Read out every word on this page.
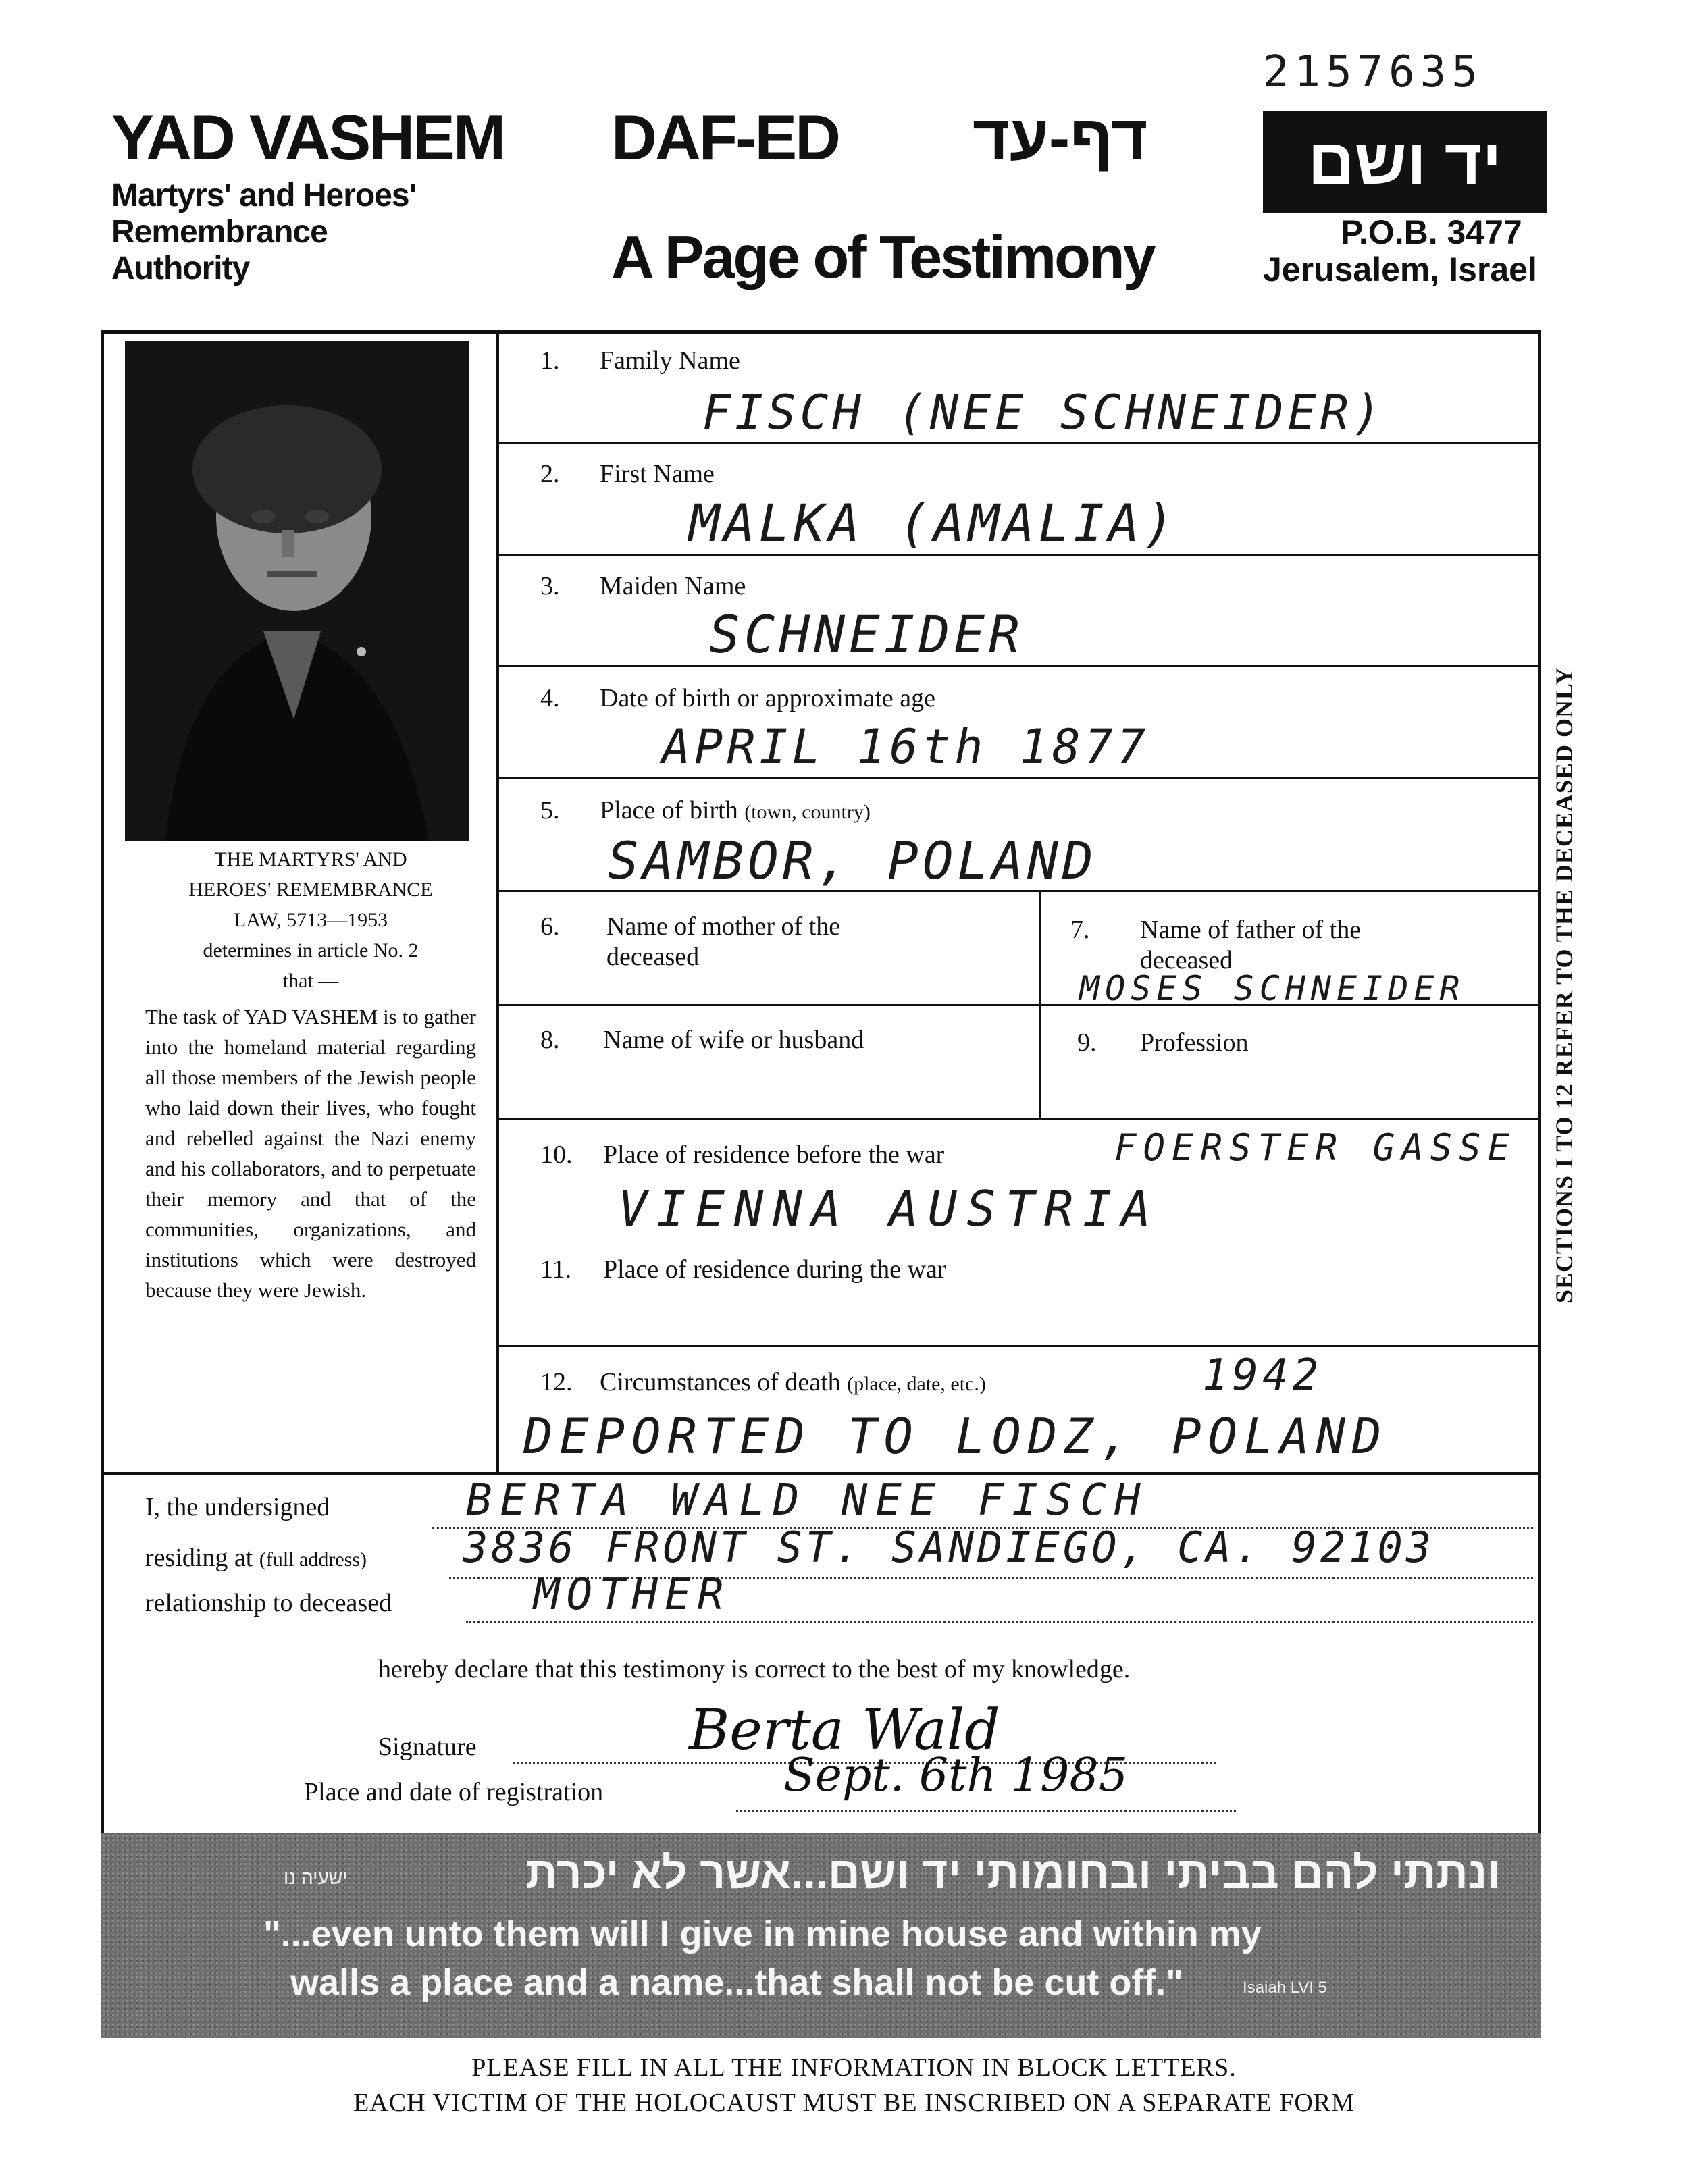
2157635
YAD VASHEM
Martyrs' and Heroes'
Remembrance
Authority
DAF-ED דף-עד
A Page of Testimony
יד ושם
P.O.B. 3477
Jerusalem, Israel
THE MARTYRS' AND
HEROES' REMEMBRANCE
LAW, 5713—1953
determines in article No. 2
that —
The task of YAD VASHEM is to gather into the homeland material regarding all those members of the Jewish people who laid down their lives, who fought and rebelled against the Nazi enemy and his collaborators, and to perpetuate their memory and that of the communities, organizations, and institutions which were destroyed because they were Jewish.
1. Family Name
FISCH (NEE SCHNEIDER)
2. First Name
MALKA (AMALIA)
3. Maiden Name
SCHNEIDER
4. Date of birth or approximate age
APRIL 16th 1877
5. Place of birth (town, country)
SAMBOR, POLAND
6. Name of mother of the
deceased
7. Name of father of the
deceased
MOSES SCHNEIDER
8. Name of wife or husband	9. Profession
10. Place of residence before the war	FOERSTER GASSE
VIENNA AUSTRIA
11. Place of residence during the war
12. Circumstances of death (place, date, etc.)	1942
DEPORTED TO LODZ, POLAND
SECTIONS I TO 12 REFER TO THE DECEASED ONLY
I, the undersigned	BERTA WALD NEE FISCH
residing at (full address) 3836 FRONT ST. SANDIEGO, CA. 92103
relationship to deceased	MOTHER
hereby declare that this testimony is correct to the best of my knowledge.
Signature	Berta Wald
Place and date of registration	Sept. 6th 1985
ישעיה נו	ונתתי להם בביתי ובחומותי יד ושם...אשר לא יכרת
"...even unto them will I give in mine house and within my
walls a place and a name...that shall not be cut off."	Isaiah LVI 5
PLEASE FILL IN ALL THE INFORMATION IN BLOCK LETTERS.
EACH VICTIM OF THE HOLOCAUST MUST BE INSCRIBED ON A SEPARATE FORM
